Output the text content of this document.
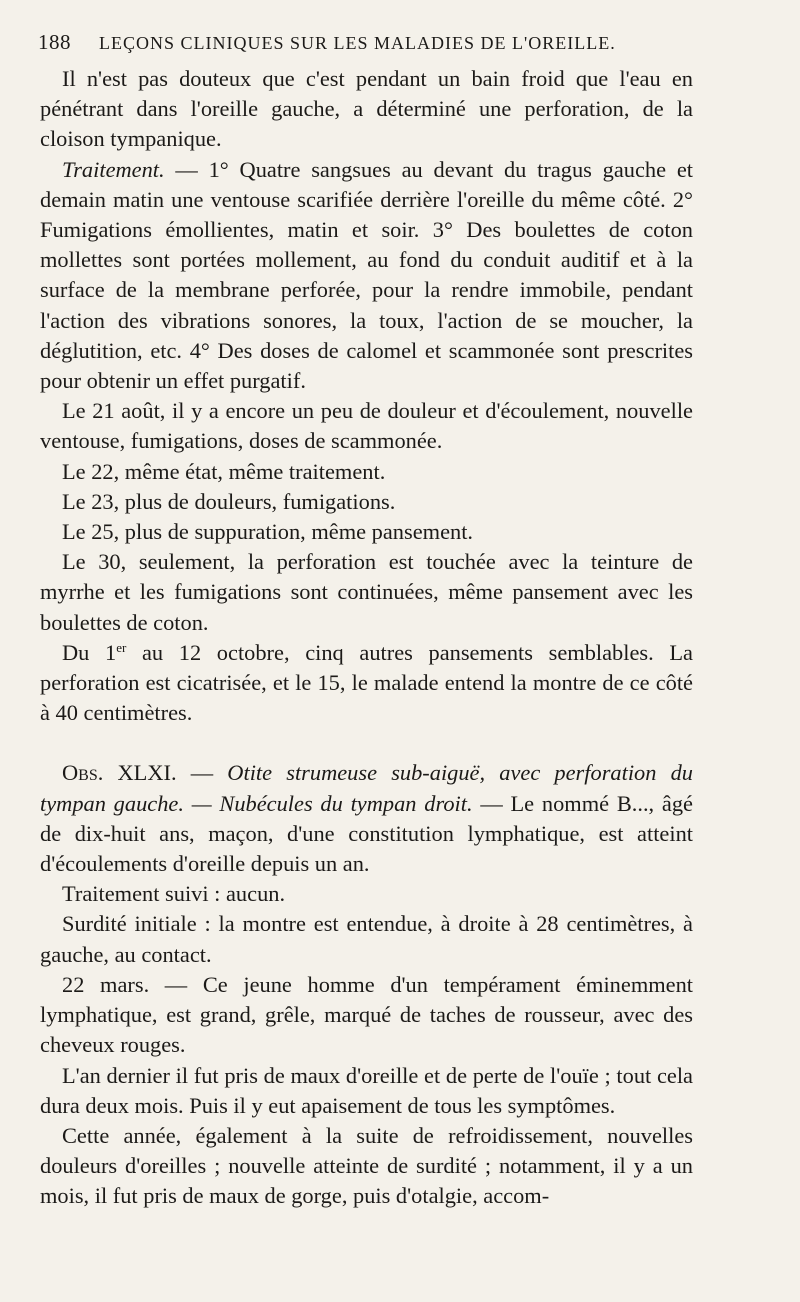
188 LEÇONS CLINIQUES SUR LES MALADIES DE L'OREILLE.

Il n'est pas douteux que c'est pendant un bain froid que l'eau en pénétrant dans l'oreille gauche, a déterminé une perforation, de la cloison tympanique.

Traitement. — 1° Quatre sangsues au devant du tragus gauche et demain matin une ventouse scarifiée derrière l'oreille du même côté. 2° Fumigations émollientes, matin et soir. 3° Des boulettes de coton mollettes sont portées mollement, au fond du conduit auditif et à la surface de la membrane perforée, pour la rendre immobile, pendant l'action des vibrations sonores, la toux, l'action de se moucher, la déglutition, etc. 4° Des doses de calomel et scammonée sont prescrites pour obtenir un effet purgatif.

Le 21 août, il y a encore un peu de douleur et d'écoulement, nouvelle ventouse, fumigations, doses de scammonée.

Le 22, même état, même traitement.

Le 23, plus de douleurs, fumigations.

Le 25, plus de suppuration, même pansement.

Le 30, seulement, la perforation est touchée avec la teinture de myrrhe et les fumigations sont continuées, même pansement avec les boulettes de coton.

Du 1er au 12 octobre, cinq autres pansements semblables. La perforation est cicatrisée, et le 15, le malade entend la montre de ce côté à 40 centimètres.

Obs. XLXI. — Otite strumeuse sub-aiguë, avec perforation du tympan gauche. — Nubécules du tympan droit. — Le nommé B..., âgé de dix-huit ans, maçon, d'une constitution lymphatique, est atteint d'écoulements d'oreille depuis un an.

Traitement suivi : aucun.

Surdité initiale : la montre est entendue, à droite à 28 centimètres, à gauche, au contact.

22 mars. — Ce jeune homme d'un tempérament éminemment lymphatique, est grand, grêle, marqué de taches de rousseur, avec des cheveux rouges.

L'an dernier il fut pris de maux d'oreille et de perte de l'ouïe ; tout cela dura deux mois. Puis il y eut apaisement de tous les symptômes.

Cette année, également à la suite de refroidissement, nouvelles douleurs d'oreilles ; nouvelle atteinte de surdité ; notamment, il y a un mois, il fut pris de maux de gorge, puis d'otalgie, accom-
